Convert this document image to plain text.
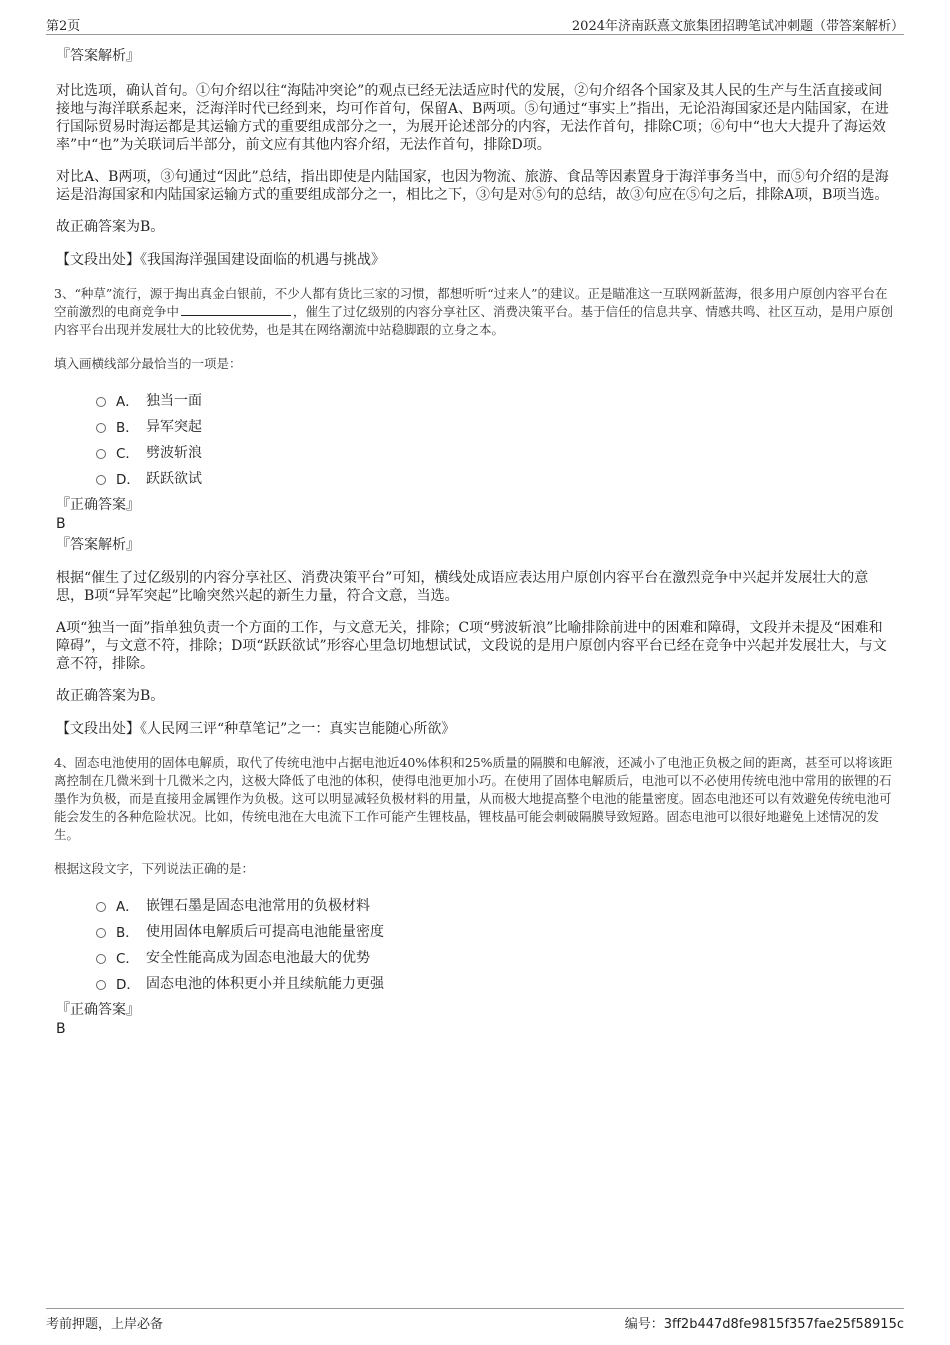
第2页	2024年济南跃熹文旅集团招聘笔试冲刺题（带答案解析）
『答案解析』

对比选项，确认首句。①句介绍以往“海陆冲突论”的观点已经无法适应时代的发展，②句介绍各个国家及其人民的生产与生活直接或间接地与海洋联系起来，泛海洋时代已经到来，均可作首句，保留A、B两项。⑤句通过“事实上”指出，无论沿海国家还是内陆国家，在进行国际贸易时海运都是其运输方式的重要组成部分之一，为展开论述部分的内容，无法作首句，排除C项；⑥句中“也大大提升了海运效率”中“也”为关联词后半部分，前文应有其他内容介绍，无法作首句，排除D项。

对比A、B两项，③句通过“因此”总结，指出即使是内陆国家，也因为物流、旅游、食品等因素置身于海洋事务当中，而⑤句介绍的是海运是沿海国家和内陆国家运输方式的重要组成部分之一，相比之下，③句是对⑤句的总结，故③句应在⑤句之后，排除A项，B项当选。

故正确答案为B。

【文段出处】《我国海洋强国建设面临的机遇与挑战》

3、“种草”流行，源于掏出真金白银前，不少人都有货比三家的习惯，都想听听“过来人”的建议。正是瞄准这一互联网新蓝海，很多用户原创内容平台在空前激烈的电商竞争中	，催生了过亿级别的内容分享社区、消费决策平台。基于信任的信息共享、情感共鸣、社区互动，是用户原创内容平台出现并发展壮大的比较优势，也是其在网络潮流中站稳脚跟的立身之本。

填入画横线部分最恰当的一项是：

A． 独当一面
B． 异军突起
C． 劈波斩浪
D． 跃跃欲试
『正确答案』
B
『答案解析』

根据“催生了过亿级别的内容分享社区、消费决策平台”可知，横线处成语应表达用户原创内容平台在激烈竞争中兴起并发展壮大的意思，B项“异军突起”比喻突然兴起的新生力量，符合文意，当选。

A项“独当一面”指单独负责一个方面的工作，与文意无关，排除；C项“劈波斩浪”比喻排除前进中的困难和障碍，文段并未提及“困难和障碍”，与文意不符，排除；D项“跃跃欲试”形容心里急切地想试试，文段说的是用户原创内容平台已经在竞争中兴起并发展壮大，与文意不符，排除。

故正确答案为B。

【文段出处】《人民网三评“种草笔记”之一：真实岂能随心所欲》

4、固态电池使用的固体电解质，取代了传统电池中占据电池近40%体积和25%质量的隔膜和电解液，还减小了电池正负极之间的距离，甚至可以将该距离控制在几微米到十几微米之内，这极大降低了电池的体积，使得电池更加小巧。在使用了固体电解质后，电池可以不必使用传统电池中常用的嵌锂的石墨作为负极，而是直接用金属锂作为负极。这可以明显减轻负极材料的用量，从而极大地提高整个电池的能量密度。固态电池还可以有效避免传统电池可能会发生的各种危险状况。比如，传统电池在大电流下工作可能产生锂枝晶，锂枝晶可能会刺破隔膜导致短路。固态电池可以很好地避免上述情况的发生。

根据这段文字，下列说法正确的是：

A． 嵌锂石墨是固态电池常用的负极材料
B． 使用固体电解质后可提高电池能量密度
C． 安全性能高成为固态电池最大的优势
D． 固态电池的体积更小并且续航能力更强
『正确答案』
B
考前押题，上岸必备	编号：3ff2b447d8fe9815f357fae25f58915c
